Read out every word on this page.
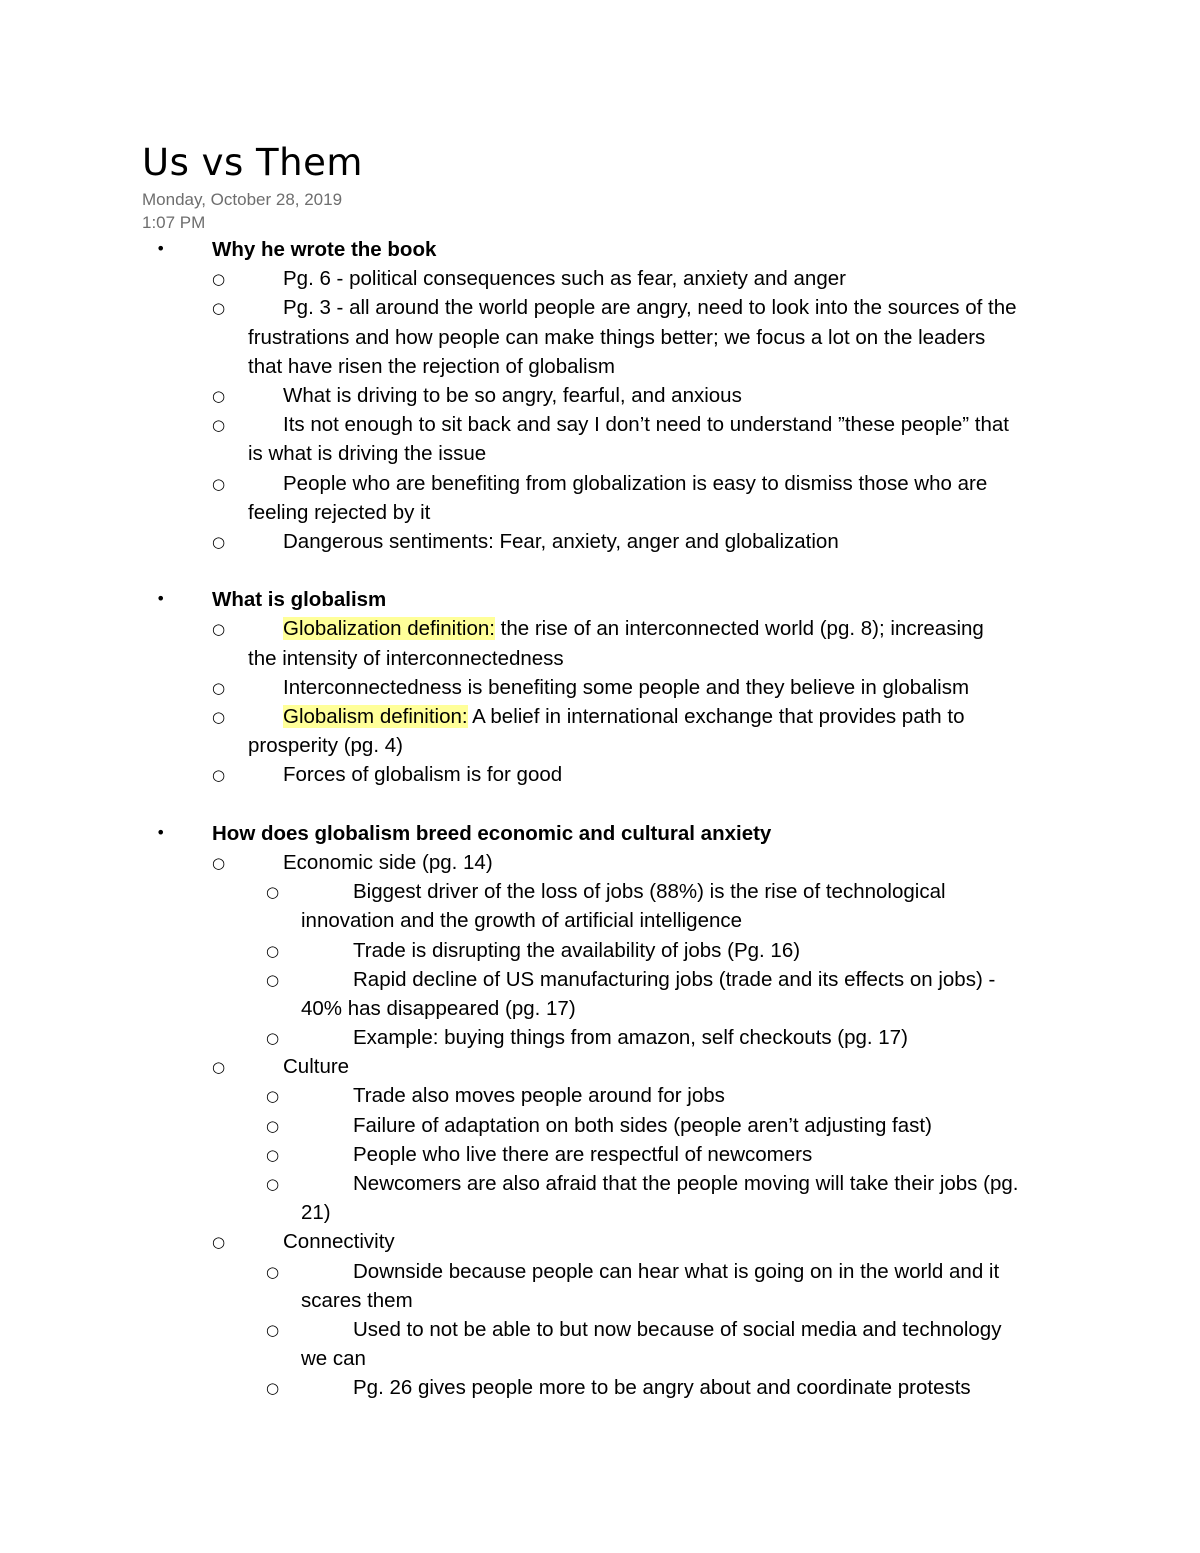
Us vs Them
Monday, October 28, 2019
1:07 PM
• Why he wrote the book
○	Pg. 6 - political consequences such as fear, anxiety and anger
○	Pg. 3 - all around the world people are angry, need to look into the sources of the
frustrations and how people can make things better; we focus a lot on the leaders
that have risen the rejection of globalism
○	What is driving to be so angry, fearful, and anxious
○	Its not enough to sit back and say I don’t need to understand ”these people” that
is what is driving the issue
○	People who are benefiting from globalization is easy to dismiss those who are
feeling rejected by it
○	Dangerous sentiments: Fear, anxiety, anger and globalization
• What is globalism
○	Globalization definition: the rise of an interconnected world (pg. 8); increasing
the intensity of interconnectedness
○	Interconnectedness is benefiting some people and they believe in globalism
○	Globalism definition: A belief in international exchange that provides path to
prosperity (pg. 4)
○	Forces of globalism is for good
• How does globalism breed economic and cultural anxiety
○	Economic side (pg. 14)
○	Biggest driver of the loss of jobs (88%) is the rise of technological
innovation and the growth of artificial intelligence
○	Trade is disrupting the availability of jobs (Pg. 16)
○	Rapid decline of US manufacturing jobs (trade and its effects on jobs) -
40% has disappeared (pg. 17)
○	Example: buying things from amazon, self checkouts (pg. 17)
○	Culture
○	Trade also moves people around for jobs
○	Failure of adaptation on both sides (people aren’t adjusting fast)
○	People who live there are respectful of newcomers
○	Newcomers are also afraid that the people moving will take their jobs (pg.
21)
○	Connectivity
○	Downside because people can hear what is going on in the world and it
scares them
○	Used to not be able to but now because of social media and technology
we can
○	Pg. 26 gives people more to be angry about and coordinate protests
